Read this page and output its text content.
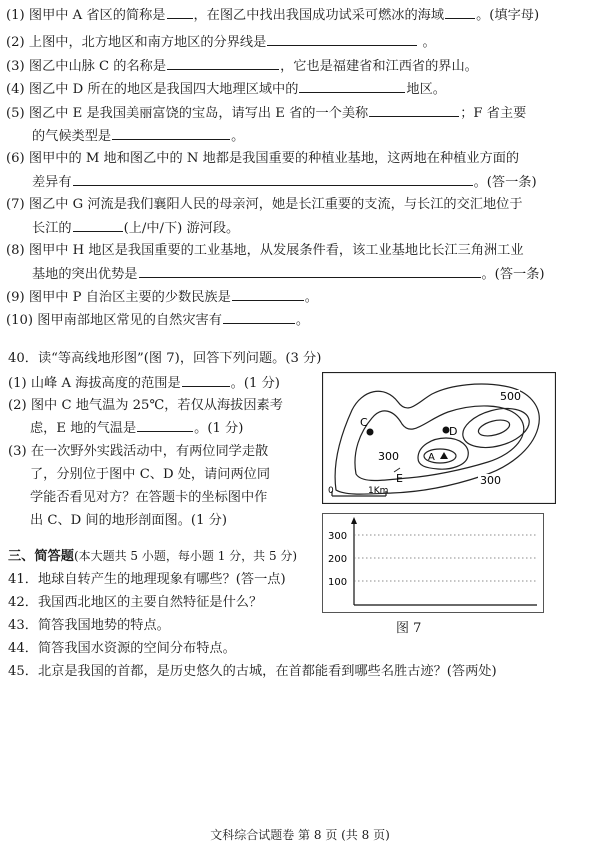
(1) 图甲中 A 省区的简称是 ，在图乙中找出我国成功试采可燃冰的海域 。(填字母)
(2) 上图中，北方地区和南方地区的分界线是	。
(3) 图乙中山脉 C 的名称是	，它也是福建省和江西省的界山。
(4) 图乙中 D 所在的地区是我国四大地理区域中的	地区。
(5) 图乙中 E 是我国美丽富饶的宝岛，请写出 E 省的一个美称	；F 省主要
的气候类型是	。
(6) 图甲中的 M 地和图乙中的 N 地都是我国重要的种植业基地，这两地在种植业方面的
差异有	。(答一条)
(7) 图乙中 G 河流是我们襄阳人民的母亲河，她是长江重要的支流，与长江的交汇地位于
长江的	(上/中/下) 游河段。
(8) 图甲中 H 地区是我国重要的工业基地，从发展条件看，该工业基地比长江三角洲工业
基地的突出优势是	。(答一条)
(9) 图甲中 P 自治区主要的少数民族是	。
(10) 图甲南部地区常见的自然灾害有	。
40．读“等高线地形图”(图 7)，回答下列问题。(3 分)
(1) 山峰 A 海拔高度的范围是	。(1 分)
(2) 图中 C 地气温为 25℃，若仅从海拔因素考
虑，E 地的气温是	。(1 分)
(3) 在一次野外实践活动中，有两位同学走散
了，分别位于图中 C、D 处，请问两位同
学能否看见对方？在答题卡的坐标图中作
出 C、D 间的地形剖面图。(1 分)
C
D
A
E
500
300
300
0	1Km
300
200
100
三、简答题(本大题共 5 小题，每小题 1 分，共 5 分)
41．地球自转产生的地理现象有哪些？(答一点)
42．我国西北地区的主要自然特征是什么？
43．简答我国地势的特点。
44．简答我国水资源的空间分布特点。
45．北京是我国的首都，是历史悠久的古城，在首都能看到哪些名胜古迹？(答两处)
图 7
文科综合试题卷 第 8 页 (共 8 页)
